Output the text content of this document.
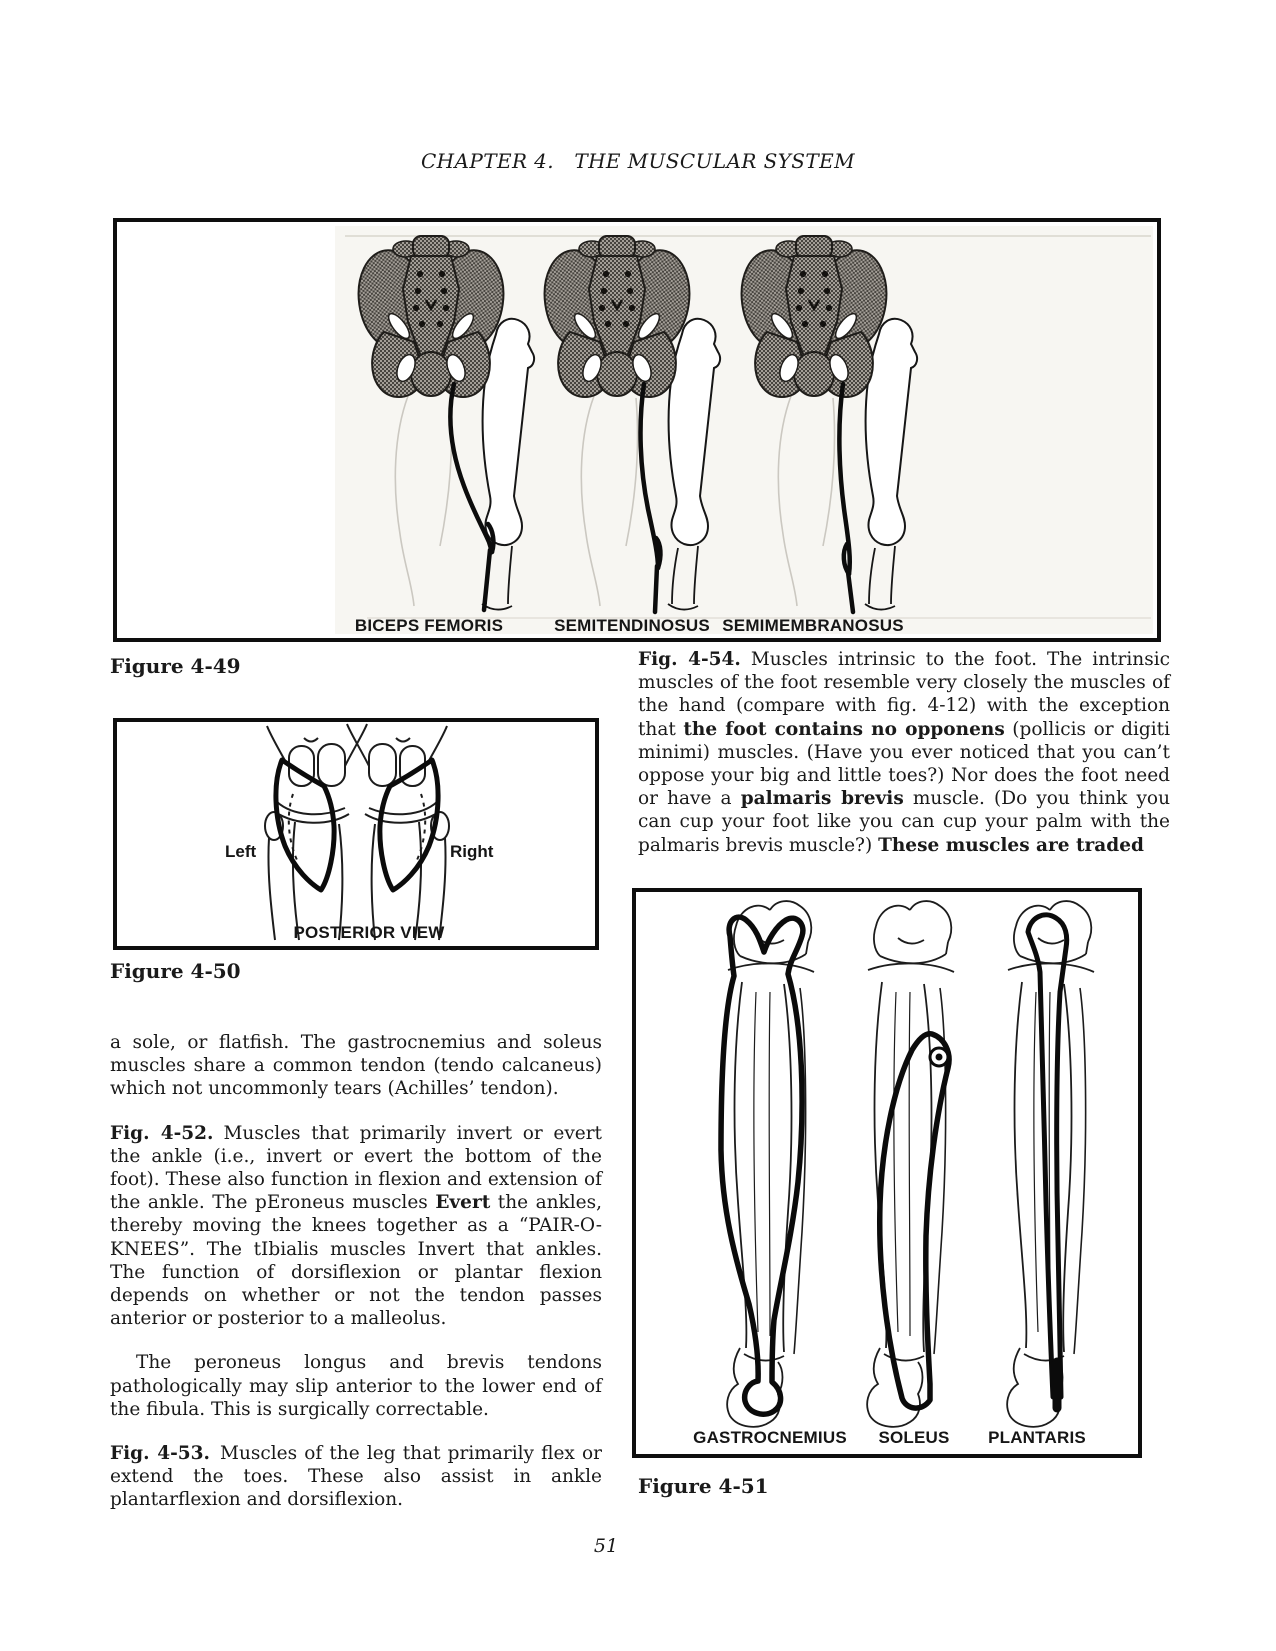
CHAPTER 4.   THE MUSCULAR SYSTEM
BICEPS FEMORIS	SEMITENDINOSUS SEMIMEMBRANOSUS
Figure 4-49	Fig. 4-54. Muscles intrinsic to the foot. The intrinsic muscles of the foot resemble very closely the muscles of the hand (compare with fig. 4-12) with the exception that the foot contains no opponens (pollicis or digiti minimi) muscles. (Have you ever noticed that you can’t oppose your big and little toes?) Nor does the foot need or have a palmaris brevis muscle. (Do you think you can cup your foot like you can cup your palm with the palmaris brevis muscle?) These muscles are traded

Left	Right
POSTERIOR VIEW
Figure 4-50

a sole, or flatfish. The gastrocnemius and soleus muscles share a common tendon (tendo calcaneus) which not uncommonly tears (Achilles’ tendon).

Fig. 4-52. Muscles that primarily invert or evert the ankle (i.e., invert or evert the bottom of the foot). These also function in flexion and extension of the ankle. The pEroneus muscles Evert the ankles, thereby moving the knees together as a “PAIR-O-KNEES”. The tIbialis muscles Invert that ankles. The function of dorsiflexion or plantar flexion depends on whether or not the tendon passes anterior or posterior to a malleolus.

The peroneus longus and brevis tendons pathologically may slip anterior to the lower end of the fibula. This is surgically correctable.

Fig. 4-53. Muscles of the leg that primarily flex or extend the toes. These also assist in ankle plantarflexion and dorsiflexion.

GASTROCNEMIUS SOLEUS PLANTARIS
Figure 4-51
51
